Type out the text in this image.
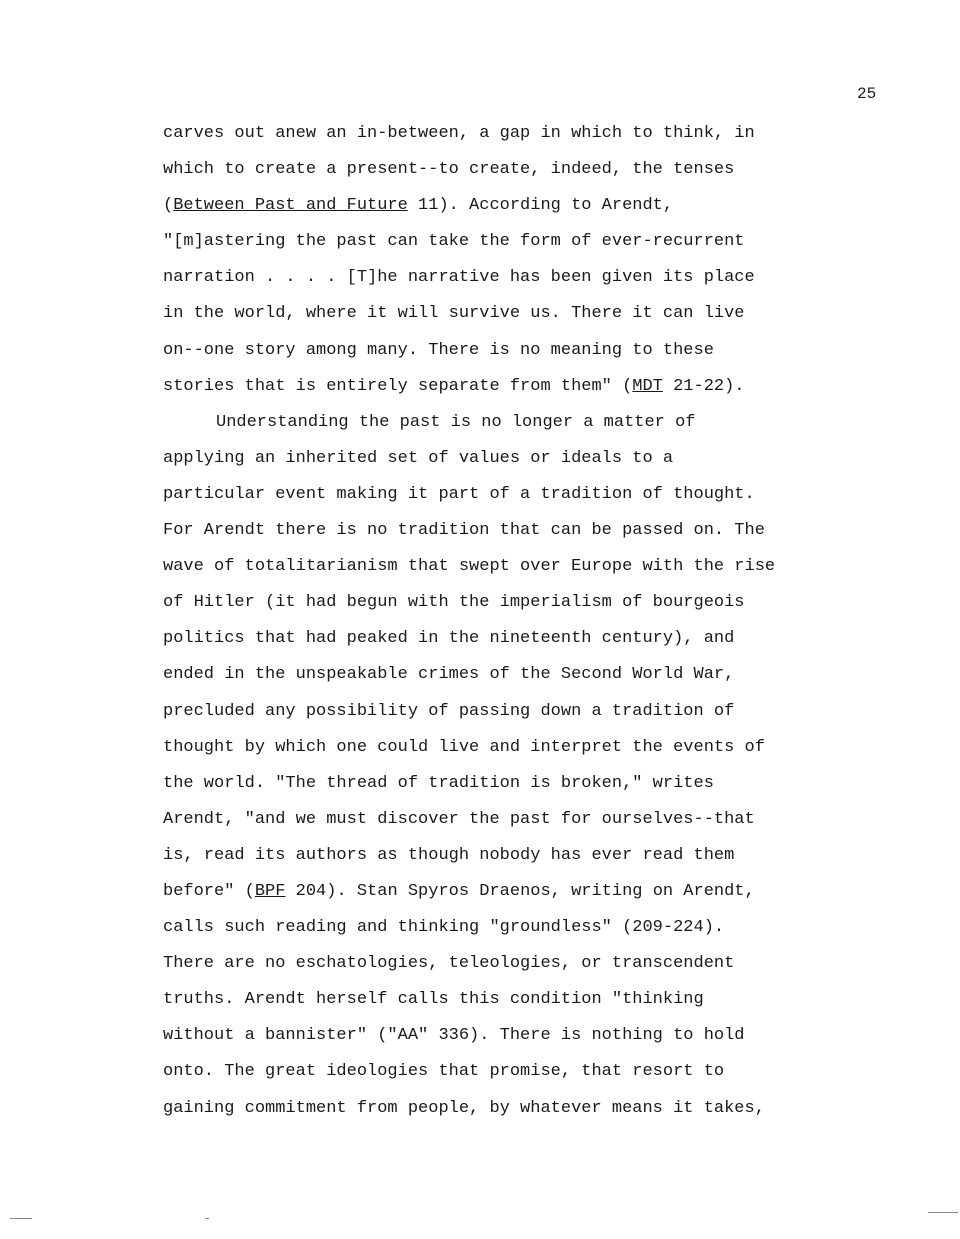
25
carves out anew an in-between, a gap in which to think, in
which to create a present--to create, indeed, the tenses
(Between Past and Future 11). According to Arendt,
"[m]astering the past can take the form of ever-recurrent
narration . . . . [T]he narrative has been given its place
in the world, where it will survive us. There it can live
on--one story among many. There is no meaning to these
stories that is entirely separate from them" (MDT 21-22).
Understanding the past is no longer a matter of
applying an inherited set of values or ideals to a
particular event making it part of a tradition of thought.
For Arendt there is no tradition that can be passed on. The
wave of totalitarianism that swept over Europe with the rise
of Hitler (it had begun with the imperialism of bourgeois
politics that had peaked in the nineteenth century), and
ended in the unspeakable crimes of the Second World War,
precluded any possibility of passing down a tradition of
thought by which one could live and interpret the events of
the world. "The thread of tradition is broken," writes
Arendt, "and we must discover the past for ourselves--that
is, read its authors as though nobody has ever read them
before" (BPF 204). Stan Spyros Draenos, writing on Arendt,
calls such reading and thinking "groundless" (209-224).
There are no eschatologies, teleologies, or transcendent
truths. Arendt herself calls this condition "thinking
without a bannister" ("AA" 336). There is nothing to hold
onto. The great ideologies that promise, that resort to
gaining commitment from people, by whatever means it takes,
